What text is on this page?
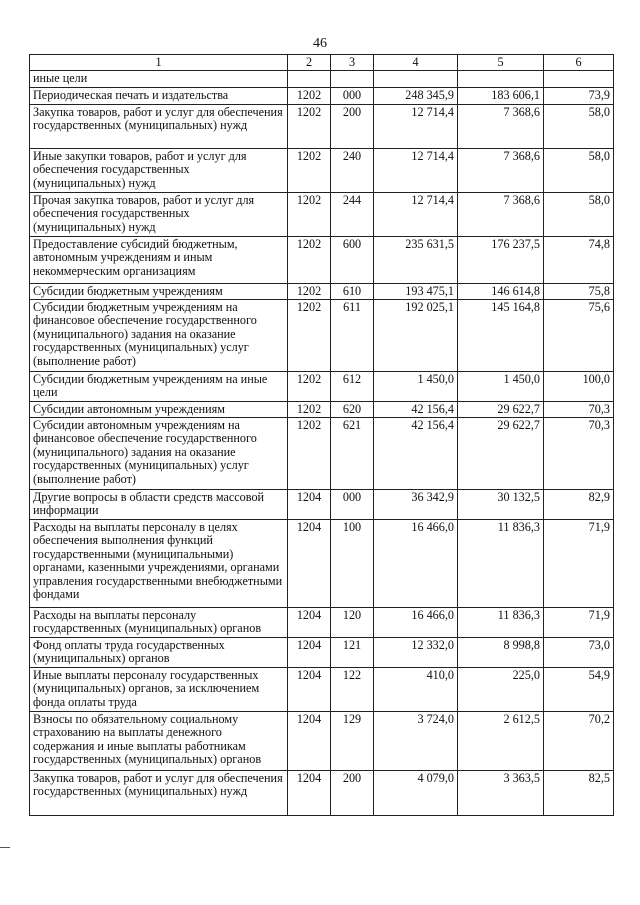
46
1	2	3	4	5	6
иные цели					
Периодическая печать и издательства	1202	000	248 345,9	183 606,1	73,9
Закупка товаров, работ и услуг для обеспечения государственных (муниципальных) нужд	1202	200	12 714,4	7 368,6	58,0
Иные закупки товаров, работ и услуг для обеспечения государственных (муниципальных) нужд	1202	240	12 714,4	7 368,6	58,0
Прочая закупка товаров, работ и услуг для обеспечения государственных (муниципальных) нужд	1202	244	12 714,4	7 368,6	58,0
Предоставление субсидий бюджетным, автономным учреждениям и иным некоммерческим организациям	1202	600	235 631,5	176 237,5	74,8
Субсидии бюджетным учреждениям	1202	610	193 475,1	146 614,8	75,8
Субсидии бюджетным учреждениям на финансовое обеспечение государственного (муниципального) задания на оказание государственных (муниципальных) услуг (выполнение работ)	1202	611	192 025,1	145 164,8	75,6
Субсидии бюджетным учреждениям на иные цели	1202	612	1 450,0	1 450,0	100,0
Субсидии автономным учреждениям	1202	620	42 156,4	29 622,7	70,3
Субсидии автономным учреждениям на финансовое обеспечение государственного (муниципального) задания на оказание государственных (муниципальных) услуг (выполнение работ)	1202	621	42 156,4	29 622,7	70,3
Другие вопросы в области средств массовой информации	1204	000	36 342,9	30 132,5	82,9
Расходы на выплаты персоналу в целях обеспечения выполнения функций государственными (муниципальными) органами, казенными учреждениями, органами управления государственными внебюджетными фондами	1204	100	16 466,0	11 836,3	71,9
Расходы на выплаты персоналу государственных (муниципальных) органов	1204	120	16 466,0	11 836,3	71,9
Фонд оплаты труда государственных (муниципальных) органов	1204	121	12 332,0	8 998,8	73,0
Иные выплаты персоналу государственных (муниципальных) органов, за исключением фонда оплаты труда	1204	122	410,0	225,0	54,9
Взносы по обязательному социальному страхованию на выплаты денежного содержания и иные выплаты работникам государственных (муниципальных) органов	1204	129	3 724,0	2 612,5	70,2
Закупка товаров, работ и услуг для обеспечения государственных (муниципальных) нужд	1204	200	4 079,0	3 363,5	82,5
